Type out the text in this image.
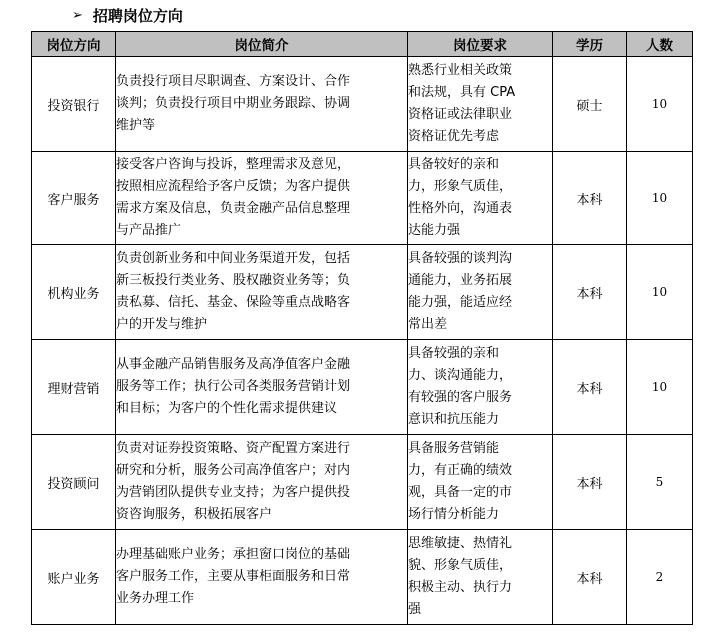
➢ 招聘岗位方向
岗位方向	岗位简介	岗位要求	学历	人数
投资银行	负责投行项目尽职调查、方案设计、合作
谈判；负责投行项目中期业务跟踪、协调
维护等	熟悉行业相关政策
和法规，具有 CPA
资格证或法律职业
资格证优先考虑	硕士	10
客户服务	接受客户咨询与投诉，整理需求及意见，
按照相应流程给予客户反馈；为客户提供
需求方案及信息，负责金融产品信息整理
与产品推广	具备较好的亲和
力，形象气质佳，
性格外向，沟通表
达能力强	本科	10
机构业务	负责创新业务和中间业务渠道开发，包括
新三板投行类业务、股权融资业务等；负
责私募、信托、基金、保险等重点战略客
户的开发与维护	具备较强的谈判沟
通能力，业务拓展
能力强，能适应经
常出差	本科	10
理财营销	从事金融产品销售服务及高净值客户金融
服务等工作；执行公司各类服务营销计划
和目标；为客户的个性化需求提供建议	具备较强的亲和
力、谈沟通能力，
有较强的客户服务
意识和抗压能力	本科	10
投资顾问	负责对证券投资策略、资产配置方案进行
研究和分析，服务公司高净值客户；对内
为营销团队提供专业支持；为客户提供投
资咨询服务，积极拓展客户	具备服务营销能
力，有正确的绩效
观，具备一定的市
场行情分析能力	本科	5
账户业务	办理基础账户业务；承担窗口岗位的基础
客户服务工作，主要从事柜面服务和日常
业务办理工作	思维敏捷、热情礼
貌、形象气质佳，
积极主动、执行力
强	本科	2
